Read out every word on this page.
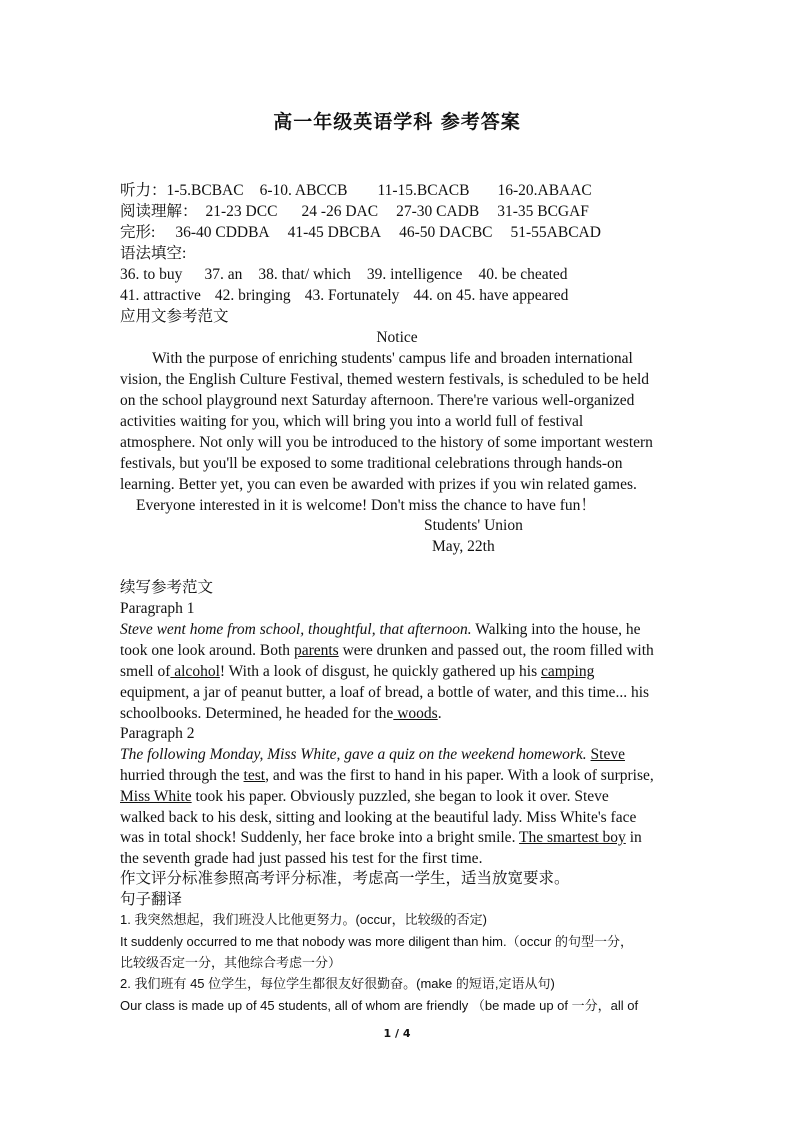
高一年级英语学科 参考答案
听力：1-5.BCBAC 6-10. ABCCB 11-15.BCACB 16-20.ABAAC
阅读理解： 21-23 DCC 24 -26 DAC 27-30 CADB 31-35 BCGAF
完形: 36-40 CDDBA 41-45 DBCBA 46-50 DACBC 51-55ABCAD
语法填空:
36. to buy 37. an 38. that/ which 39. intelligence 40. be cheated
41. attractive 42. bringing 43. Fortunately 44. on 45. have appeared
应用文参考范文
Notice
With the purpose of enriching students' campus life and broaden international
vision, the English Culture Festival, themed western festivals, is scheduled to be held
on the school playground next Saturday afternoon. There're various well-organized
activities waiting for you, which will bring you into a world full of festival
atmosphere. Not only will you be introduced to the history of some important western
festivals, but you'll be exposed to some traditional celebrations through hands-on
learning. Better yet, you can even be awarded with prizes if you win related games.
Everyone interested in it is welcome! Don't miss the chance to have fun！
Students' Union
May, 22th
续写参考范文
Paragraph 1
Steve went home from school, thoughtful, that afternoon. Walking into the house, he
took one look around. Both parents were drunken and passed out, the room filled with
smell of alcohol! With a look of disgust, he quickly gathered up his camping
equipment, a jar of peanut butter, a loaf of bread, a bottle of water, and this time... his
schoolbooks. Determined, he headed for the woods.
Paragraph 2
The following Monday, Miss White, gave a quiz on the weekend homework. Steve
hurried through the test, and was the first to hand in his paper. With a look of surprise,
Miss White took his paper. Obviously puzzled, she began to look it over. Steve
walked back to his desk, sitting and looking at the beautiful lady. Miss White's face
was in total shock! Suddenly, her face broke into a bright smile. The smartest boy in
the seventh grade had just passed his test for the first time.
作文评分标准参照高考评分标准，考虑高一学生，适当放宽要求。
句子翻译
1. 我突然想起，我们班没人比他更努力。(occur，比较级的否定)
It suddenly occurred to me that nobody was more diligent than him.（occur 的句型一分，
比较级否定一分，其他综合考虑一分）
2. 我们班有 45 位学生，每位学生都很友好很勤奋。(make 的短语,定语从句)
Our class is made up of 45 students, all of whom are friendly （be made up of 一分，all of
1 / 4
